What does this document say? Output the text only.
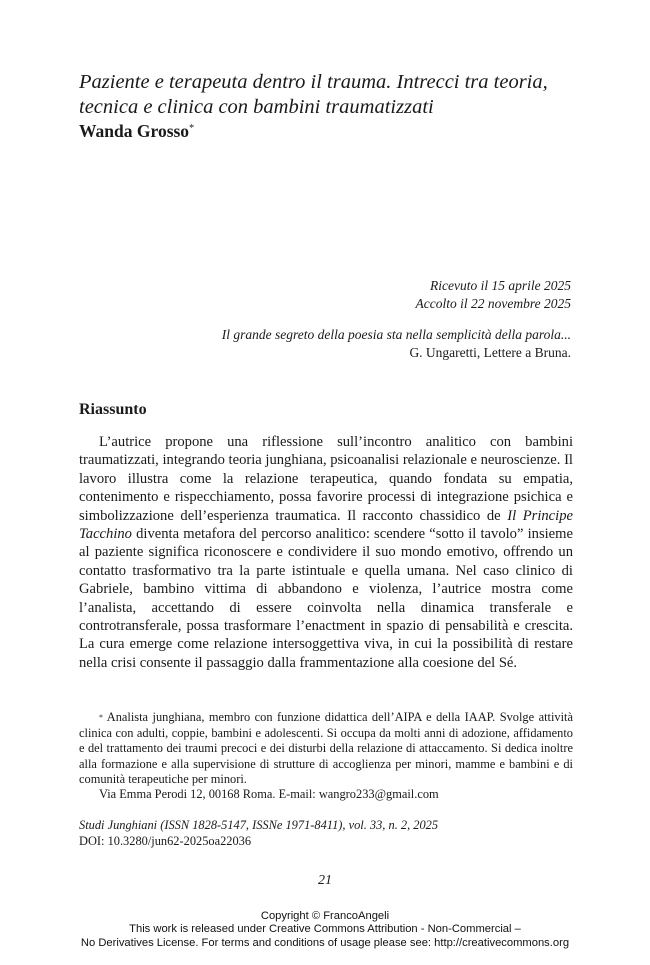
Paziente e terapeuta dentro il trauma. Intrecci tra teoria, tecnica e clinica con bambini traumatizzati
Wanda Grosso*
Ricevuto il 15 aprile 2025
Accolto il 22 novembre 2025
Il grande segreto della poesia sta nella semplicità della parola...
G. Ungaretti, Lettere a Bruna.
Riassunto

L’autrice propone una riflessione sull’incontro analitico con bambini traumatizzati, integrando teoria junghiana, psicoanalisi relazionale e neuroscienze. Il lavoro illustra come la relazione terapeutica, quando fondata su empatia, contenimento e rispecchiamento, possa favorire processi di integrazione psichica e simbolizzazione dell’esperienza traumatica. Il racconto chassidico de Il Principe Tacchino diventa metafora del percorso analitico: scendere “sotto il tavolo” insieme al paziente significa riconoscere e condividere il suo mondo emotivo, offrendo un contatto trasformativo tra la parte istintuale e quella umana. Nel caso clinico di Gabriele, bambino vittima di abbandono e violenza, l’autrice mostra come l’analista, accettando di essere coinvolta nella dinamica transferale e controtransferale, possa trasformare l’enactment in spazio di pensabilità e crescita. La cura emerge come relazione intersoggettiva viva, in cui la possibilità di restare nella crisi consente il passaggio dalla frammentazione alla coesione del Sé.

* Analista junghiana, membro con funzione didattica dell’AIPA e della IAAP. Svolge attività clinica con adulti, coppie, bambini e adolescenti. Si occupa da molti anni di adozione, affidamento e del trattamento dei traumi precoci e dei disturbi della relazione di attaccamento. Si dedica inoltre alla formazione e alla supervisione di strutture di accoglienza per minori, mamme e bambini e di comunità terapeutiche per minori.

Via Emma Perodi 12, 00168 Roma. E-mail: wangro233@gmail.com
Studi Junghiani (ISSN 1828-5147, ISSNe 1971-8411), vol. 33, n. 2, 2025
DOI: 10.3280/jun62-2025oa22036
21
Copyright © FrancoAngeli
This work is released under Creative Commons Attribution - Non-Commercial –
No Derivatives License. For terms and conditions of usage please see: http://creativecommons.org
